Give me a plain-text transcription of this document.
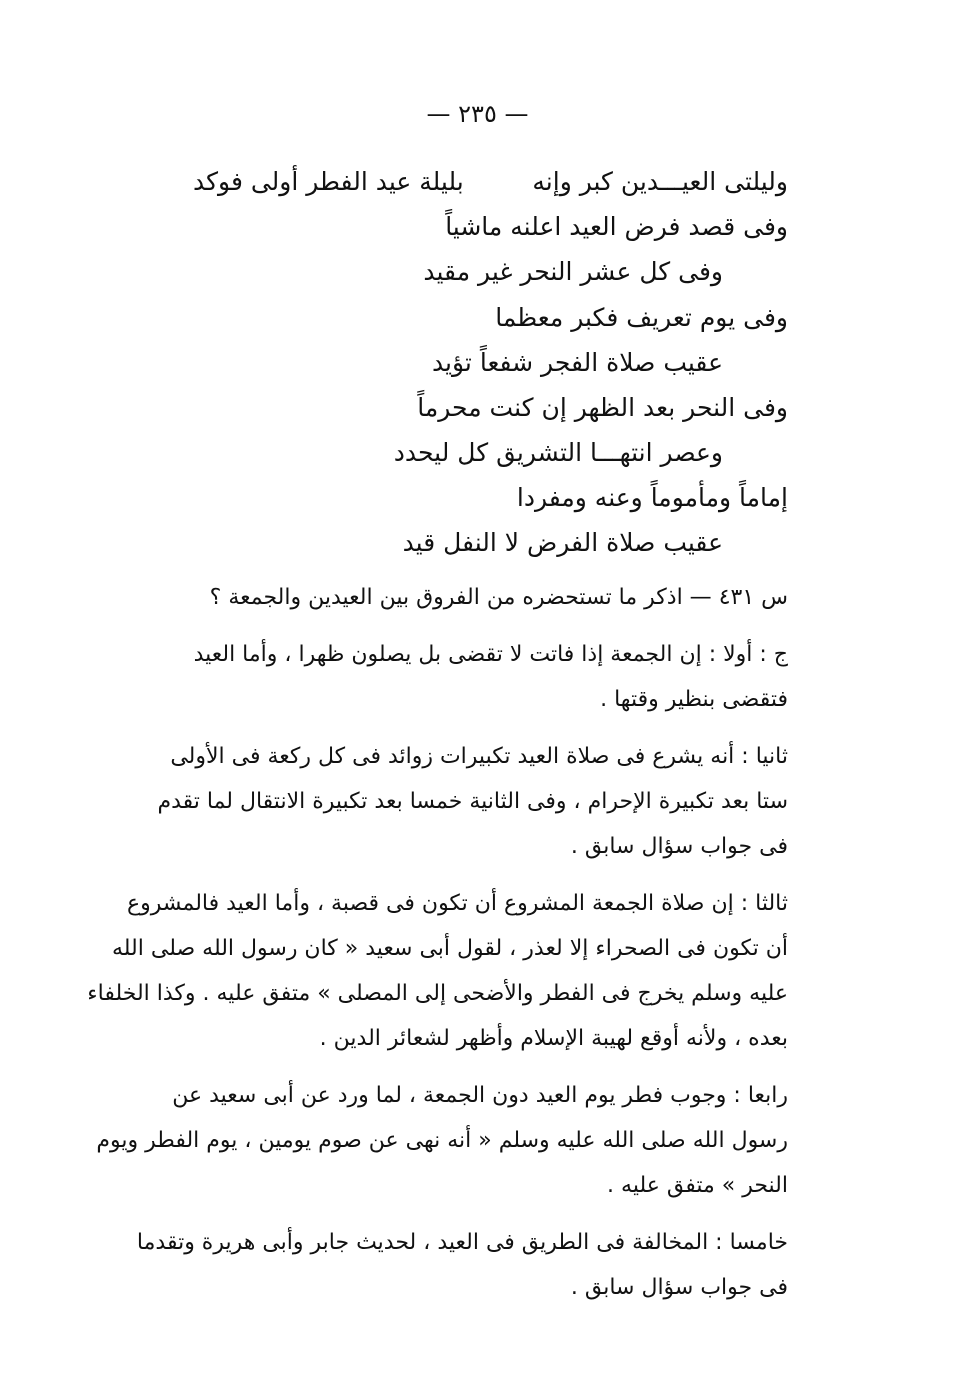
— ٢٣٥ —
وليلتى العيـــدين كبر وإنه
بليلة عيد الفطر أولى فوكد
وفى قصد فرض العيد اعلنه ماشياً
وفى كل عشر النحر غير مقيد
وفى يوم تعريف فكبر معظما
عقيب صلاة الفجر شفعاً تؤيد
وفى النحر بعد الظهر إن كنت محرماً
وعصر انتهـــا التشريق كل ليحدد
إماماً ومأموماً وعنه ومفردا
عقيب صلاة الفرض لا النفل قيد

س ٤٣١ — اذكر ما تستحضره من الفروق بين العيدين والجمعة ؟

ج : أولا : إن الجمعة إذا فاتت لا تقضى بل يصلون ظهرا ، وأما العيد
فتقضى بنظير وقتها .

ثانيا : أنه يشرع فى صلاة العيد تكبيرات زوائد فى كل ركعة فى الأولى
ستا بعد تكبيرة الإحرام ، وفى الثانية خمسا بعد تكبيرة الانتقال لما تقدم
فى جواب سؤال سابق .

ثالثا : إن صلاة الجمعة المشروع أن تكون فى قصبة ، وأما العيد فالمشروع
أن تكون فى الصحراء إلا لعذر ، لقول أبى سعيد « كان رسول الله صلى الله
عليه وسلم يخرج فى الفطر والأضحى إلى المصلى » متفق عليه . وكذا الخلفاء
بعده ، ولأنه أوقع لهيبة الإسلام وأظهر لشعائر الدين .

رابعا : وجوب فطر يوم العيد دون الجمعة ، لما ورد عن أبى سعيد عن
رسول الله صلى الله عليه وسلم « أنه نهى عن صوم يومين ، يوم الفطر ويوم
النحر » متفق عليه .

خامسا : المخالفة فى الطريق فى العيد ، لحديث جابر وأبى هريرة وتقدما
فى جواب سؤال سابق .
